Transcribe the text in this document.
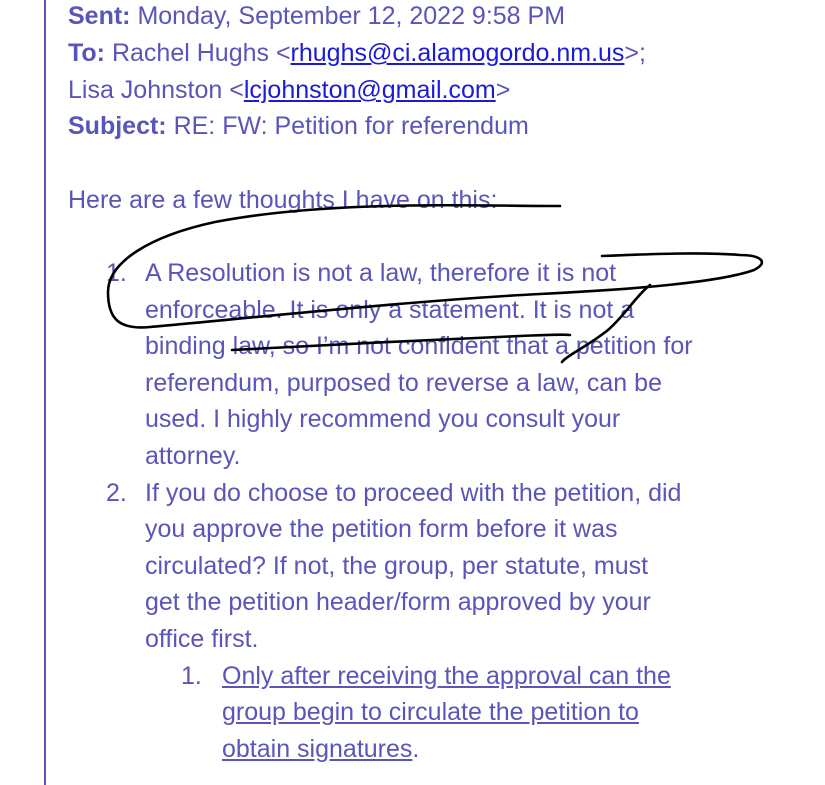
Sent: Monday, September 12, 2022 9:58 PM
To: Rachel Hughs <rhughs@ci.alamogordo.nm.us>;
Lisa Johnston <lcjohnston@gmail.com>
Subject: RE: FW: Petition for referendum
Here are a few thoughts I have on this:
1. A Resolution is not a law, therefore it is not
enforceable. It is only a statement. It is not a
binding law, so I’m not confident that a petition for
referendum, purposed to reverse a law, can be
used. I highly recommend you consult your
attorney.
2. If you do choose to proceed with the petition, did
you approve the petition form before it was
circulated? If not, the group, per statute, must
get the petition header/form approved by your
office first.
1. Only after receiving the approval can the
group begin to circulate the petition to
obtain signatures.
